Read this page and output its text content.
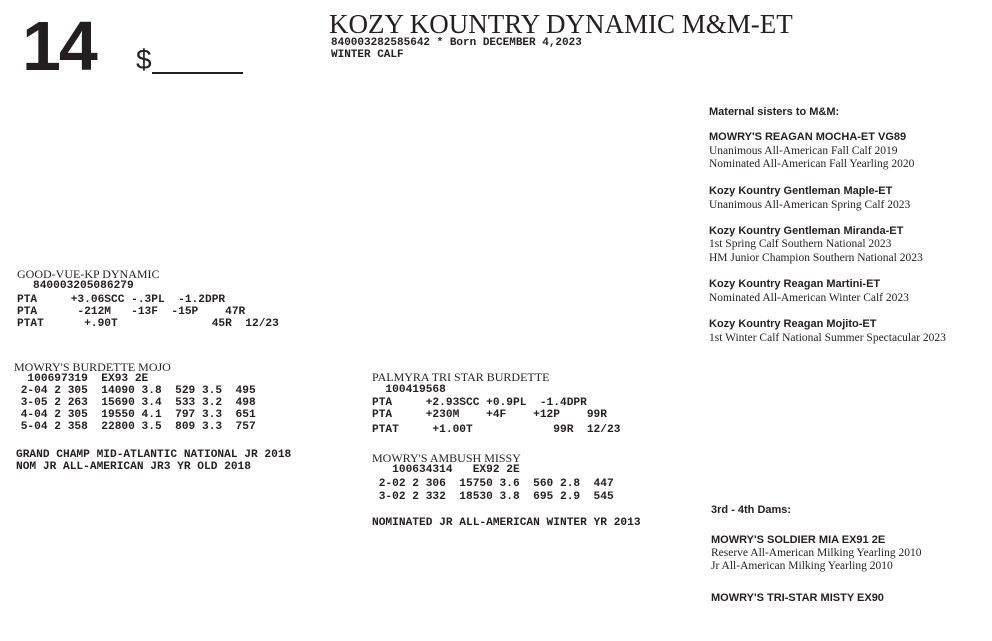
14 $
KOZY KOUNTRY DYNAMIC M&M-ET
840003282585642 * Born DECEMBER 4,2023
WINTER CALF
GOOD-VUE-KP DYNAMIC
840003205086279
PTA     +3.06SCC -.3PL  -1.2DPR
PTA      -212M   -13F  -15P    47R
PTAT      +.90T              45R  12/23
MOWRY'S BURDETTE MOJO
100697319  EX93 2E
2-04 2 305  14090 3.8  529 3.5  495
3-05 2 263  15690 3.4  533 3.2  498
4-04 2 305  19550 4.1  797 3.3  651
5-04 2 358  22800 3.5  809 3.3  757
GRAND CHAMP MID-ATLANTIC NATIONAL JR 2018
NOM JR ALL-AMERICAN JR3 YR OLD 2018
PALMYRA TRI STAR BURDETTE
100419568
PTA     +2.93SCC +0.9PL  -1.4DPR
PTA     +230M    +4F    +12P    99R
PTAT     +1.00T            99R  12/23
MOWRY'S AMBUSH MISSY
100634314   EX92 2E
2-02 2 306  15750 3.6  560 2.8  447
3-02 2 332  18530 3.8  695 2.9  545
NOMINATED JR ALL-AMERICAN WINTER YR 2013
Maternal sisters to M&M:
MOWRY'S REAGAN MOCHA-ET VG89
Unanimous All-American Fall Calf 2019
Nominated All-American Fall Yearling 2020
Kozy Kountry Gentleman Maple-ET
Unanimous All-American Spring Calf 2023
Kozy Kountry Gentleman Miranda-ET
1st Spring Calf Southern National 2023
HM Junior Champion Southern National 2023
Kozy Kountry Reagan Martini-ET
Nominated All-American Winter Calf 2023
Kozy Kountry Reagan Mojito-ET
1st Winter Calf National Summer Spectacular 2023
3rd - 4th Dams:
MOWRY'S SOLDIER MIA EX91 2E
Reserve All-American Milking Yearling 2010
Jr All-American Milking Yearling 2010
MOWRY'S TRI-STAR MISTY EX90
